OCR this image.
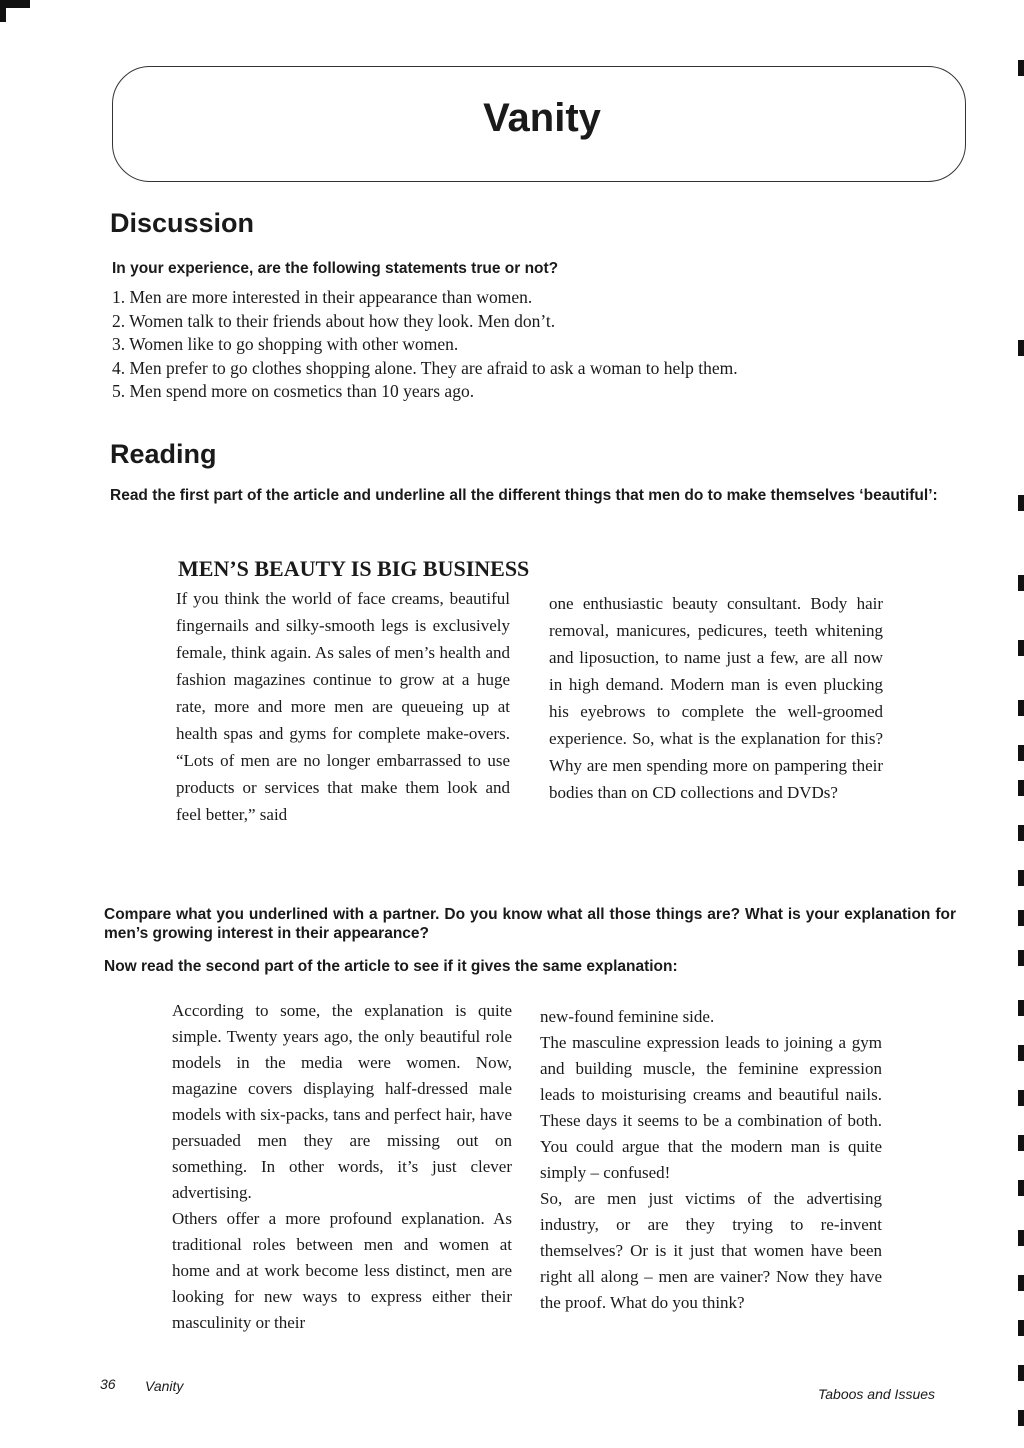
Vanity
Discussion
In your experience, are the following statements true or not?
1. Men are more interested in their appearance than women.
2. Women talk to their friends about how they look. Men don’t.
3. Women like to go shopping with other women.
4. Men prefer to go clothes shopping alone. They are afraid to ask a woman to help them.
5. Men spend more on cosmetics than 10 years ago.
Reading
Read the first part of the article and underline all the different things that men do to make themselves ‘beautiful’:
MEN’S BEAUTY IS BIG BUSINESS

If you think the world of face creams, beautiful fingernails and silky-smooth legs is exclusively female, think again. As sales of men’s health and fashion magazines continue to grow at a huge rate, more and more men are queueing up at health spas and gyms for complete make-overs. “Lots of men are no longer embarrassed to use products or services that make them look and feel better,” said

one enthusiastic beauty consultant. Body hair removal, manicures, pedicures, teeth whitening and liposuction, to name just a few, are all now in high demand. Modern man is even plucking his eyebrows to complete the well-groomed experience. So, what is the explanation for this? Why are men spending more on pampering their bodies than on CD collections and DVDs?

Compare what you underlined with a partner. Do you know what all those things are? What is your explanation for men’s growing interest in their appearance?
Now read the second part of the article to see if it gives the same explanation:

According to some, the explanation is quite simple. Twenty years ago, the only beautiful role models in the media were women. Now, magazine covers displaying half-dressed male models with six-packs, tans and perfect hair, have persuaded men they are missing out on something. In other words, it’s just clever advertising.

Others offer a more profound explanation. As traditional roles between men and women at home and at work become less distinct, men are looking for new ways to express either their masculinity or their

new-found feminine side.

The masculine expression leads to joining a gym and building muscle, the feminine expression leads to moisturising creams and beautiful nails. These days it seems to be a combination of both. You could argue that the modern man is quite simply – confused!

So, are men just victims of the advertising industry, or are they trying to re-invent themselves? Or is it just that women have been right all along – men are vainer? Now they have the proof. What do you think?

36 Vanity	Taboos and Issues
